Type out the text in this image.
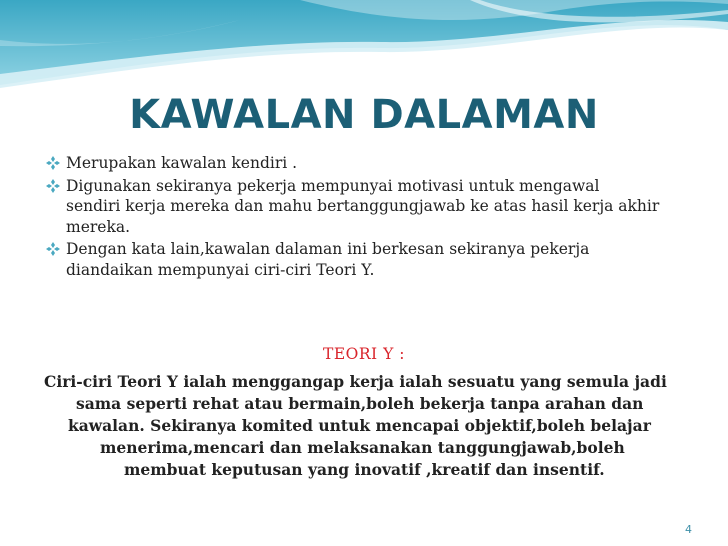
KAWALAN DALAMAN
Merupakan kawalan kendiri .
Digunakan sekiranya pekerja mempunyai motivasi untuk mengawal
sendiri kerja mereka dan mahu bertanggungjawab ke atas hasil kerja akhir
mereka.
Dengan kata lain,kawalan dalaman ini berkesan sekiranya pekerja
diandaikan mempunyai ciri-ciri Teori Y.
TEORI Y :

Ciri-ciri Teori Y ialah menggangap kerja ialah sesuatu yang semula jadi
sama seperti rehat atau bermain,boleh bekerja tanpa arahan dan
kawalan. Sekiranya komited untuk mencapai objektif,boleh belajar
menerima,mencari dan melaksanakan tanggungjawab,boleh
membuat keputusan yang inovatif ,kreatif dan insentif.

4
